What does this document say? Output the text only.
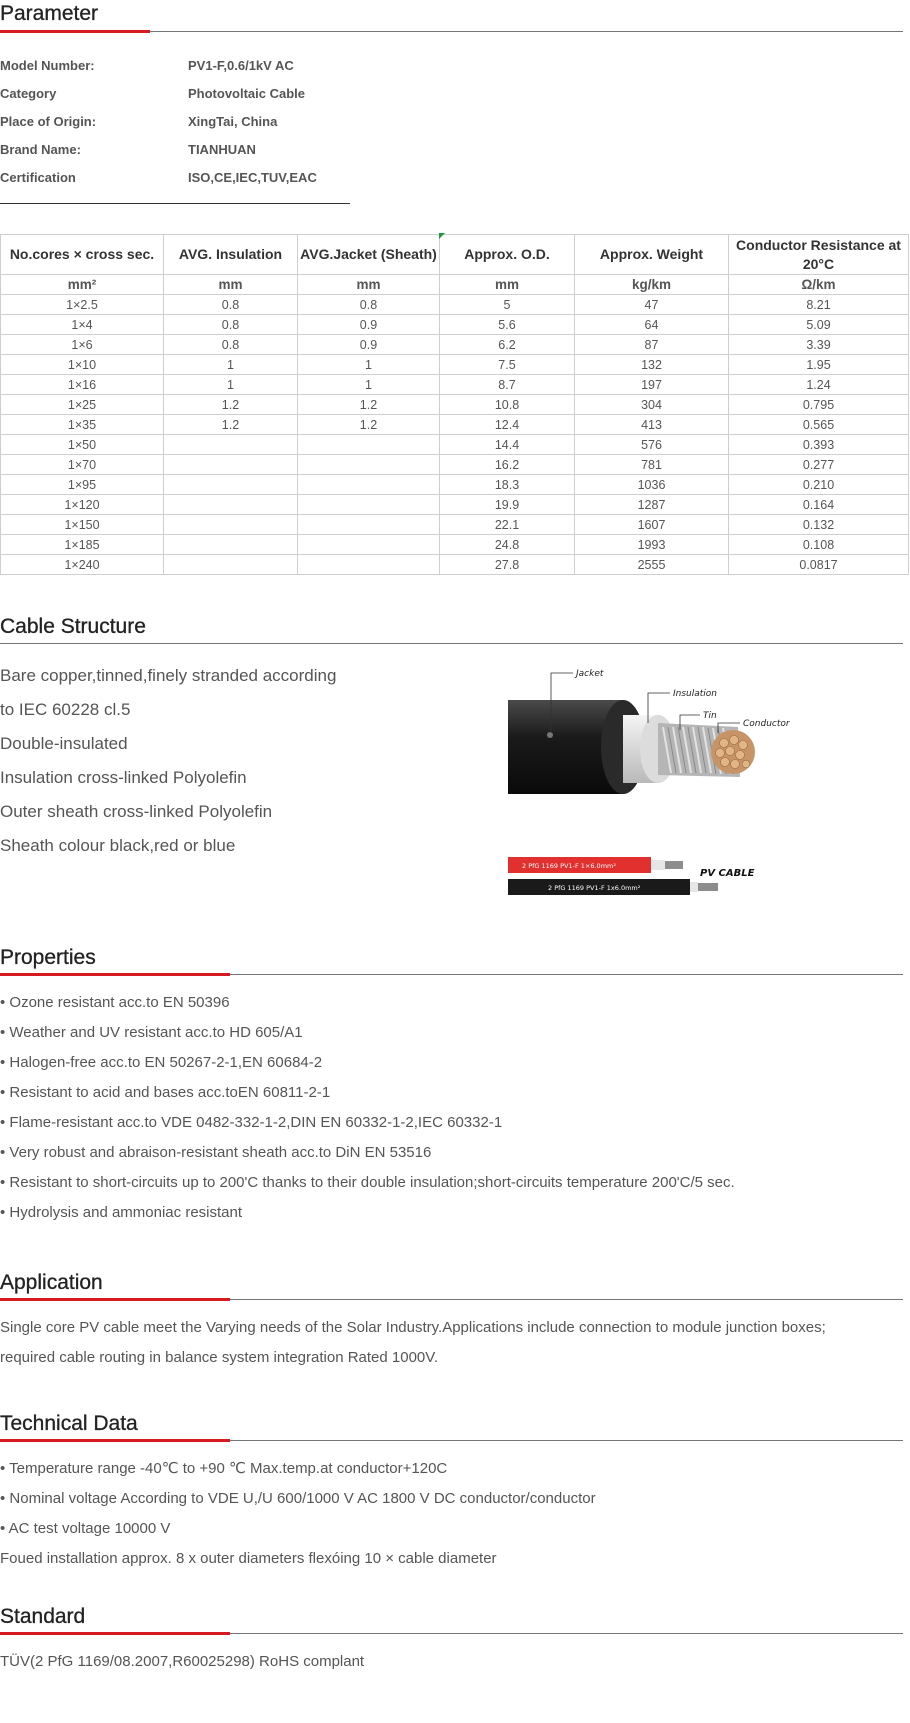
Parameter
Model Number:	PV1-F,0.6/1kV AC
Category	Photovoltaic Cable
Place of Origin:	XingTai, China
Brand Name:	TIANHUAN
Certification	ISO,CE,IEC,TUV,EAC
No.cores × cross sec.	AVG. Insulation	AVG.Jacket (Sheath)	Approx. O.D.	Approx. Weight	Conductor Resistance at 20°C
mm²	mm	mm	mm	kg/km	Ω/km
1×2.5	0.8	0.8	5	47	8.21
1×4	0.8	0.9	5.6	64	5.09
1×6	0.8	0.9	6.2	87	3.39
1×10	1	1	7.5	132	1.95
1×16	1	1	8.7	197	1.24
1×25	1.2	1.2	10.8	304	0.795
1×35	1.2	1.2	12.4	413	0.565
1×50			14.4	576	0.393
1×70			16.2	781	0.277
1×95			18.3	1036	0.210
1×120			19.9	1287	0.164
1×150			22.1	1607	0.132
1×185			24.8	1993	0.108
1×240			27.8	2555	0.0817
Cable Structure
Bare copper,tinned,finely stranded according
to IEC 60228 cl.5
Double-insulated
Insulation cross-linked Polyolefin
Outer sheath cross-linked Polyolefin
Sheath colour black,red or blue
Jacket
Insulation
Tin
Conductor
2 PfG 1169 PV1-F 1×6.0mm²
2 PfG 1169 PV1-F 1x6.0mm²
PV CABLE
Properties
• Ozone resistant acc.to EN 50396
• Weather and UV resistant acc.to HD 605/A1
• Halogen-free acc.to EN 50267-2-1,EN 60684-2
• Resistant to acid and bases acc.toEN 60811-2-1
• Flame-resistant acc.to VDE 0482-332-1-2,DIN EN 60332-1-2,IEC 60332-1
• Very robust and abraison-resistant sheath acc.to DiN EN 53516
• Resistant to short-circuits up to 200'C thanks to their double insulation;short-circuits temperature 200'C/5 sec.
• Hydrolysis and ammoniac resistant
Application
Single core PV cable meet the Varying needs of the Solar Industry.Applications include connection to module junction boxes;
required cable routing in balance system integration Rated 1000V.
Technical Data
• Temperature range -40℃ to +90 ℃ Max.temp.at conductor+120C
• Nominal voltage According to VDE U,/U 600/1000 V AC 1800 V DC conductor/conductor
• AC test voltage 10000 V
Foued installation approx. 8 x outer diameters flexóing 10 × cable diameter
Standard
TÜV(2 PfG 1169/08.2007,R60025298) RoHS complant
